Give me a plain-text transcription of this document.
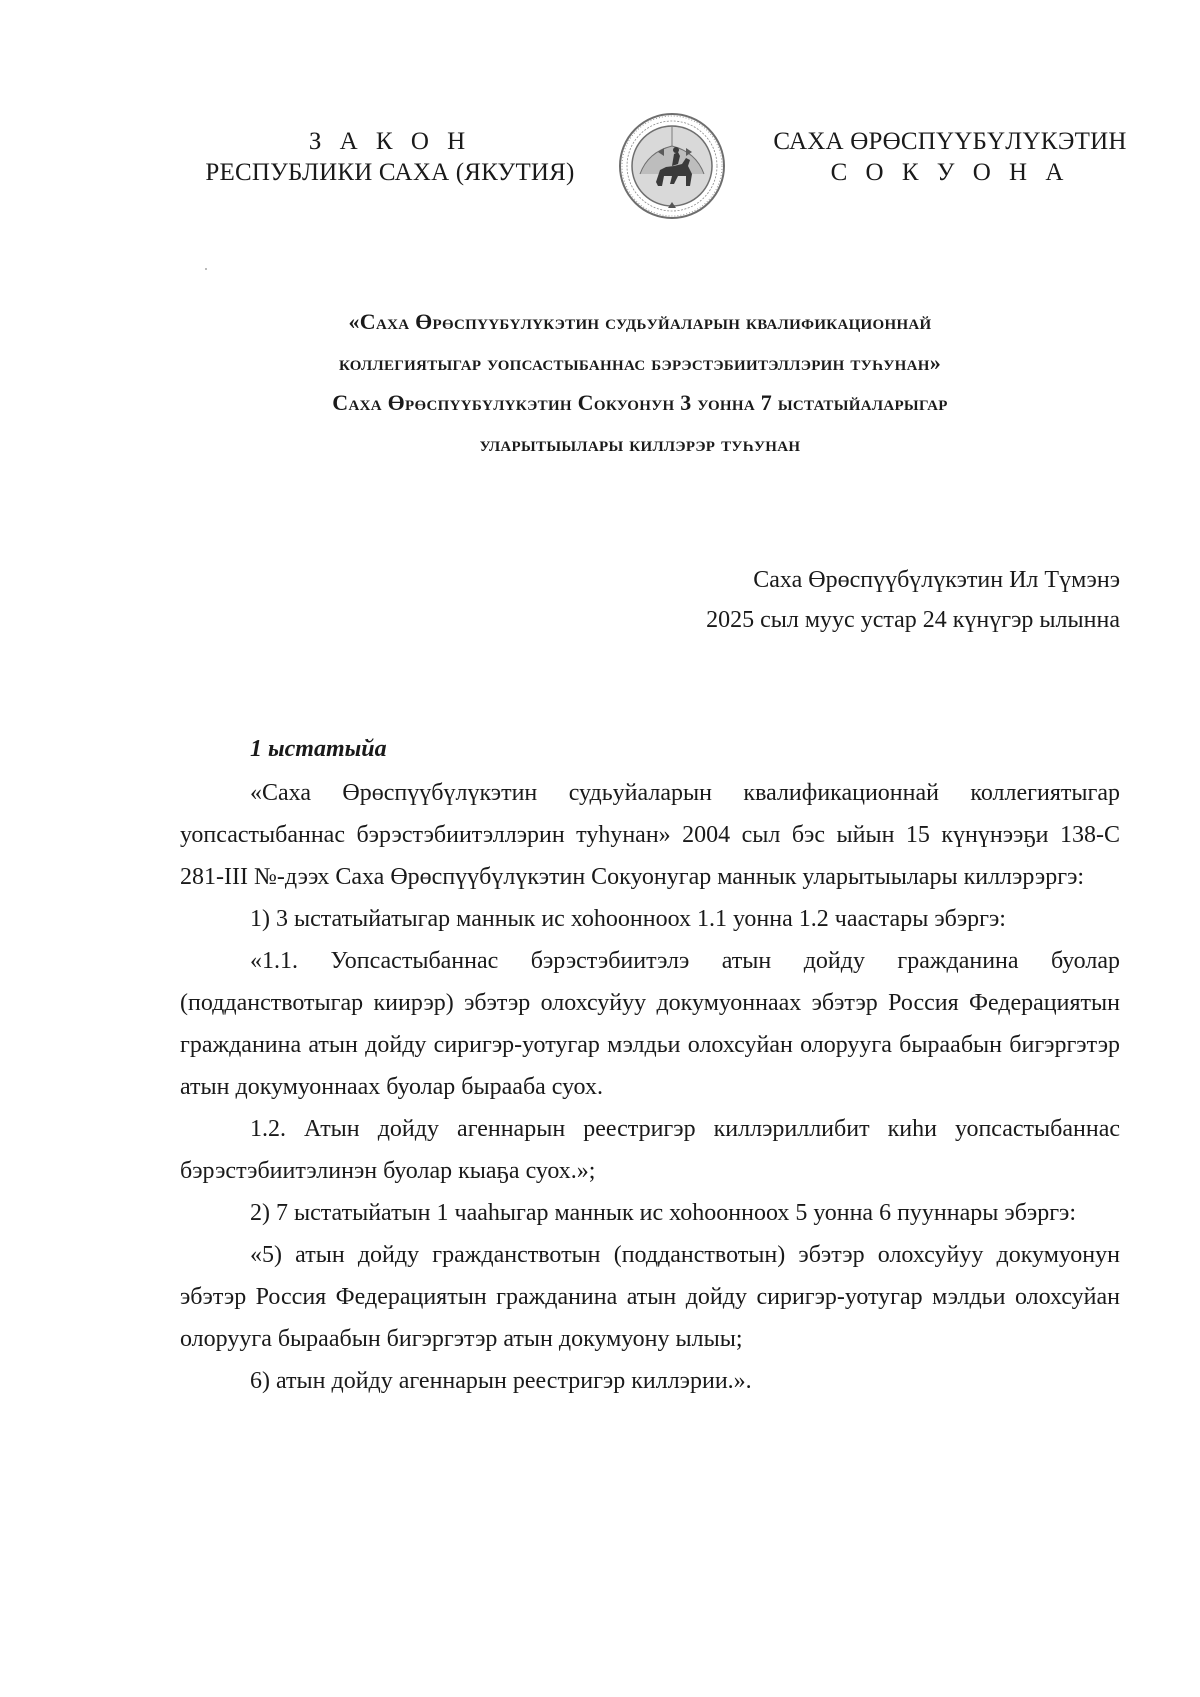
З А К О Н
РЕСПУБЛИКИ САХА (ЯКУТИЯ)
САХА ӨРӨСПҮҮБҮЛҮКЭТИН
С О К У О Н А
«Саха Өрөспүүбүлүкэтин судьуйаларын квалификационнай
коллегиятыгар уопсастыбаннас бэрэстэбиитэллэрин туһунан»
Саха Өрөспүүбүлүкэтин Сокуонун 3 уонна 7 ыстатыйаларыгар
уларытыылары киллэрэр туһунан
Саха Өрөспүүбүлүкэтин Ил Түмэнэ
2025 сыл муус устар 24 күнүгэр ылынна
1 ыстатыйа

«Саха Өрөспүүбүлүкэтин судьуйаларын квалификационнай коллегиятыгар уопсастыбаннас бэрэстэбиитэллэрин туһунан» 2004 сыл бэс ыйын 15 күнүнээҕи 138-С 281-III №-дээх Саха Өрөспүүбүлүкэтин Сокуонугар маннык уларытыылары киллэрэргэ:

1) 3 ыстатыйатыгар маннык ис хоһоонноох 1.1 уонна 1.2 чаастары эбэргэ:

«1.1. Уопсастыбаннас бэрэстэбиитэлэ атын дойду гражданина буолар (подданствотыгар киирэр) эбэтэр олохсуйуу докумуоннаах эбэтэр Россия Федерациятын гражданина атын дойду сиригэр-уотугар мэлдьи олохсуйан олоруугa быраабын бигэргэтэр атын докумуоннаах буолар бырааба суох.

1.2. Атын дойду агеннарын реестригэр киллэриллибит киһи уопсастыбаннас бэрэстэбиитэлинэн буолар кыаҕа суох.»;

2) 7 ыстатыйатын 1 чааһыгар маннык ис хоһоонноох 5 уонна 6 пууннары эбэргэ:

«5) атын дойду гражданствотын (подданствотын) эбэтэр олохсуйуу докумуонун эбэтэр Россия Федерациятын гражданина атын дойду сиригэр-уотугар мэлдьи олохсуйан олоруугa быраабын бигэргэтэр атын докумуону ылыы;

6) атын дойду агеннарын реестригэр киллэрии.».
